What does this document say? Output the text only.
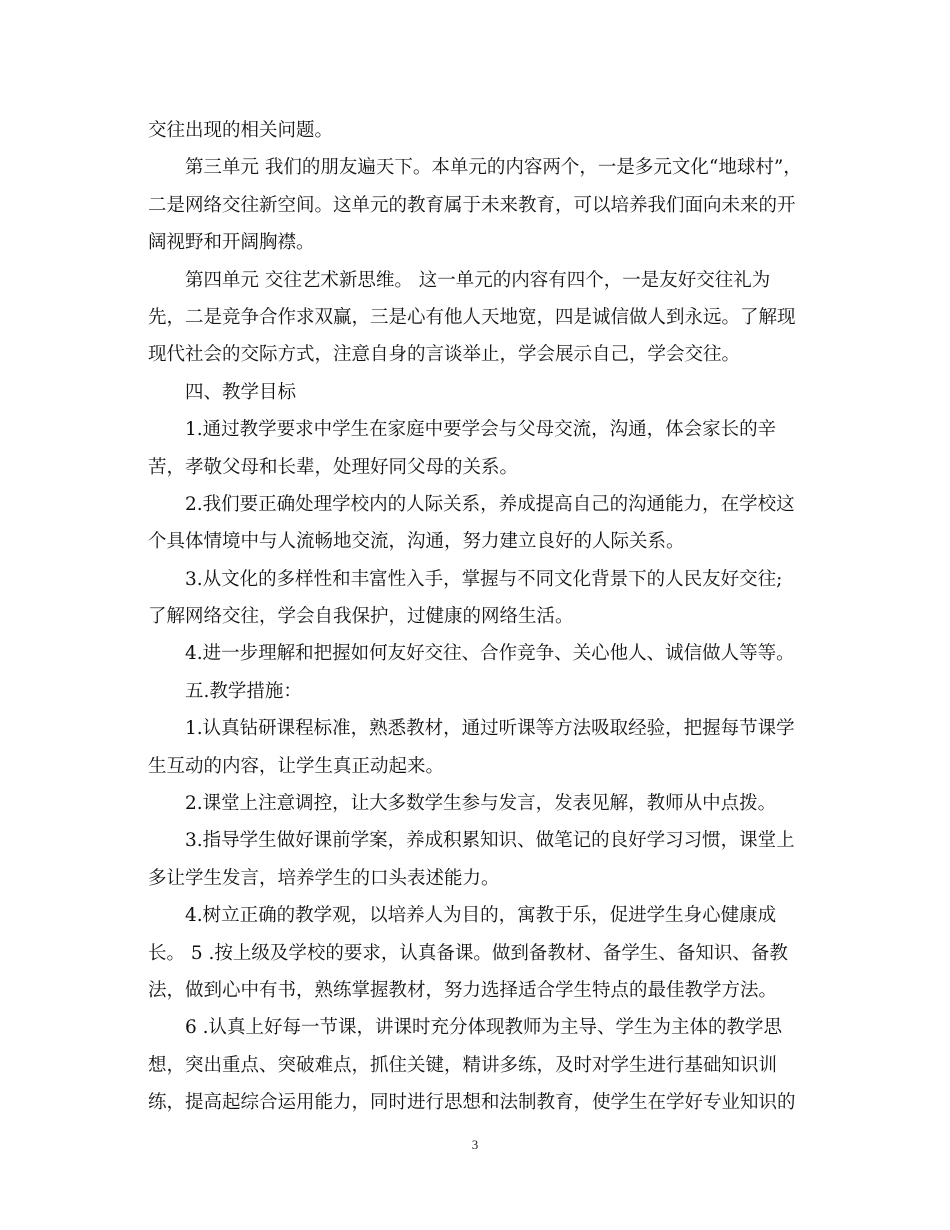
交往出现的相关问题。
第三单元 我们的朋友遍天下。本单元的内容两个，一是多元文化“地球村”，
二是网络交往新空间。这单元的教育属于未来教育，可以培养我们面向未来的开
阔视野和开阔胸襟。
第四单元 交往艺术新思维。 这一单元的内容有四个，一是友好交往礼为
先，二是竞争合作求双赢，三是心有他人天地宽，四是诚信做人到永远。了解现
现代社会的交际方式，注意自身的言谈举止，学会展示自己，学会交往。
四、教学目标
1.通过教学要求中学生在家庭中要学会与父母交流，沟通，体会家长的辛
苦，孝敬父母和长辈，处理好同父母的关系。
2.我们要正确处理学校内的人际关系，养成提高自己的沟通能力，在学校这
个具体情境中与人流畅地交流，沟通，努力建立良好的人际关系。
3.从文化的多样性和丰富性入手，掌握与不同文化背景下的人民友好交往;
了解网络交往，学会自我保护，过健康的网络生活。
4.进一步理解和把握如何友好交往、合作竞争、关心他人、诚信做人等等。
五.教学措施：
1.认真钻研课程标准，熟悉教材，通过听课等方法吸取经验，把握每节课学
生互动的内容，让学生真正动起来。
2.课堂上注意调控，让大多数学生参与发言，发表见解，教师从中点拨。
3.指导学生做好课前学案，养成积累知识、做笔记的良好学习习惯，课堂上
多让学生发言，培养学生的口头表述能力。
4.树立正确的教学观，以培养人为目的，寓教于乐，促进学生身心健康成
长。 5 .按上级及学校的要求，认真备课。做到备教材、备学生、备知识、备教
法，做到心中有书，熟练掌握教材，努力选择适合学生特点的最佳教学方法。
6 .认真上好每一节课，讲课时充分体现教师为主导、学生为主体的教学思
想，突出重点、突破难点，抓住关键，精讲多练，及时对学生进行基础知识训
练，提高起综合运用能力，同时进行思想和法制教育，使学生在学好专业知识的
3
